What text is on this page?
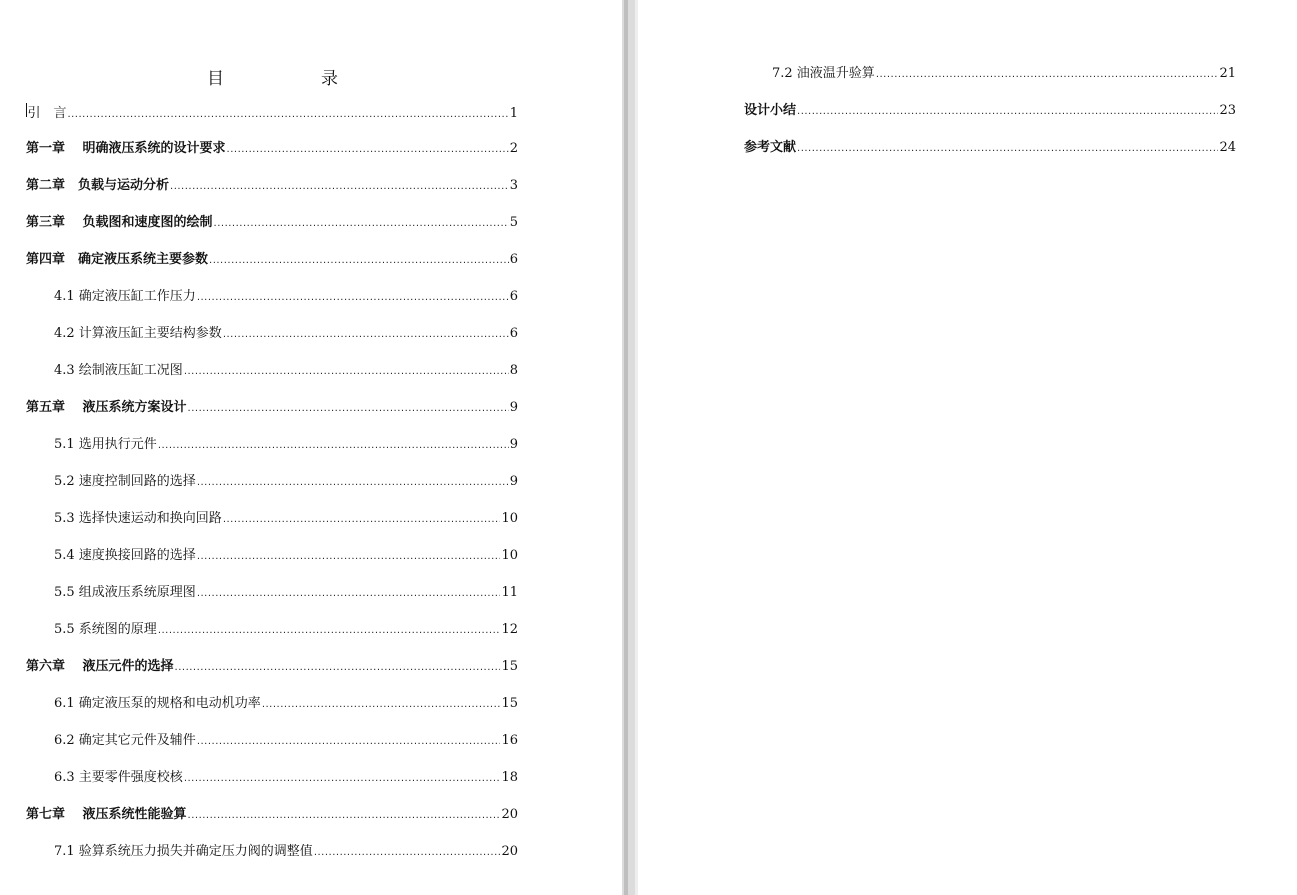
目　录
引　言 .....	1
第一章　 明确液压系统的设计要求 .....	2
第二章　负载与运动分析 .....	3
第三章　 负载图和速度图的绘制 .....	5
第四章　确定液压系统主要参数 .....	6
4.1 确定液压缸工作压力 .....	6
4.2 计算液压缸主要结构参数 .....	6
4.3 绘制液压缸工况图 .....	8
第五章　 液压系统方案设计 .....	9
5.1 选用执行元件 .....	9
5.2 速度控制回路的选择 .....	9
5.3 选择快速运动和换向回路 .....	10
5.4 速度换接回路的选择 .....	10
5.5 组成液压系统原理图 .....	11
5.5 系统图的原理 .....	12
第六章　 液压元件的选择 .....	15
6.1 确定液压泵的规格和电动机功率 .....	15
6.2 确定其它元件及辅件 .....	16
6.3 主要零件强度校核 .....	18
第七章　 液压系统性能验算 .....	20
7.1 验算系统压力损失并确定压力阀的调整值 .....	20
7.2 油液温升验算 .....	21
设计小结 .....	23
参考文献 .....	24
